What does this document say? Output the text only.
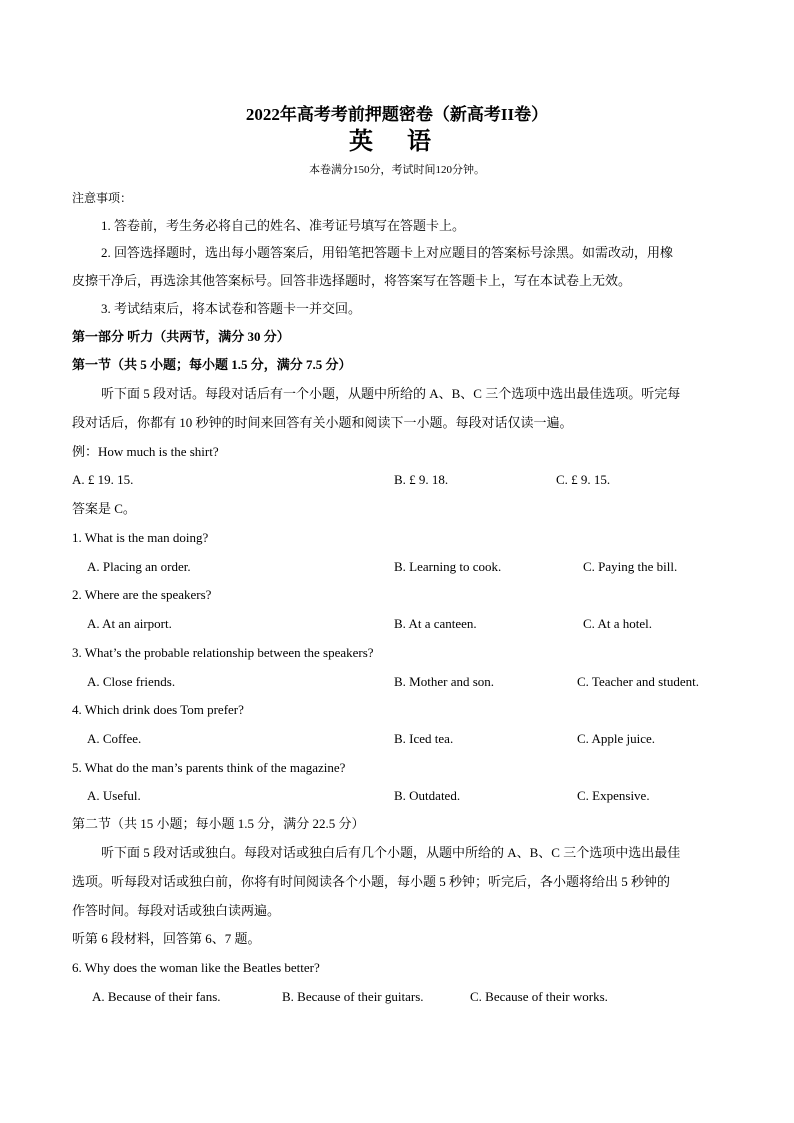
2022年高考考前押题密卷（新高考II卷）
英 语
本卷满分150分，考试时间120分钟。
注意事项：
1. 答卷前，考生务必将自己的姓名、准考证号填写在答题卡上。
2. 回答选择题时，选出每小题答案后，用铅笔把答题卡上对应题目的答案标号涂黑。如需改动，用橡
皮擦干净后，再选涂其他答案标号。回答非选择题时，将答案写在答题卡上，写在本试卷上无效。
3. 考试结束后，将本试卷和答题卡一并交回。
第一部分 听力（共两节，满分 30 分）
第一节（共 5 小题；每小题 1.5 分，满分 7.5 分）
听下面 5 段对话。每段对话后有一个小题，从题中所给的 A、B、C 三个选项中选出最佳选项。听完每
段对话后，你都有 10 秒钟的时间来回答有关小题和阅读下一小题。每段对话仅读一遍。
例：How much is the shirt?
A. £ 19. 15.	B. £ 9. 18.	C. £ 9. 15.
答案是 C。
1. What is the man doing?
A. Placing an order.	B. Learning to cook.	C. Paying the bill.
2. Where are the speakers?
A. At an airport.	B. At a canteen.	C. At a hotel.
3. What’s the probable relationship between the speakers?
A. Close friends.	B. Mother and son.	C. Teacher and student.
4. Which drink does Tom prefer?
A. Coffee.	B. Iced tea.	C. Apple juice.
5. What do the man’s parents think of the magazine?
A. Useful.	B. Outdated.	C. Expensive.
第二节（共 15 小题；每小题 1.5 分，满分 22.5 分）
听下面 5 段对话或独白。每段对话或独白后有几个小题，从题中所给的 A、B、C 三个选项中选出最佳
选项。听每段对话或独白前，你将有时间阅读各个小题，每小题 5 秒钟；听完后，各小题将给出 5 秒钟的
作答时间。每段对话或独白读两遍。
听第 6 段材料，回答第 6、7 题。
6. Why does the woman like the Beatles better?
A. Because of their fans.	B. Because of their guitars.	C. Because of their works.
